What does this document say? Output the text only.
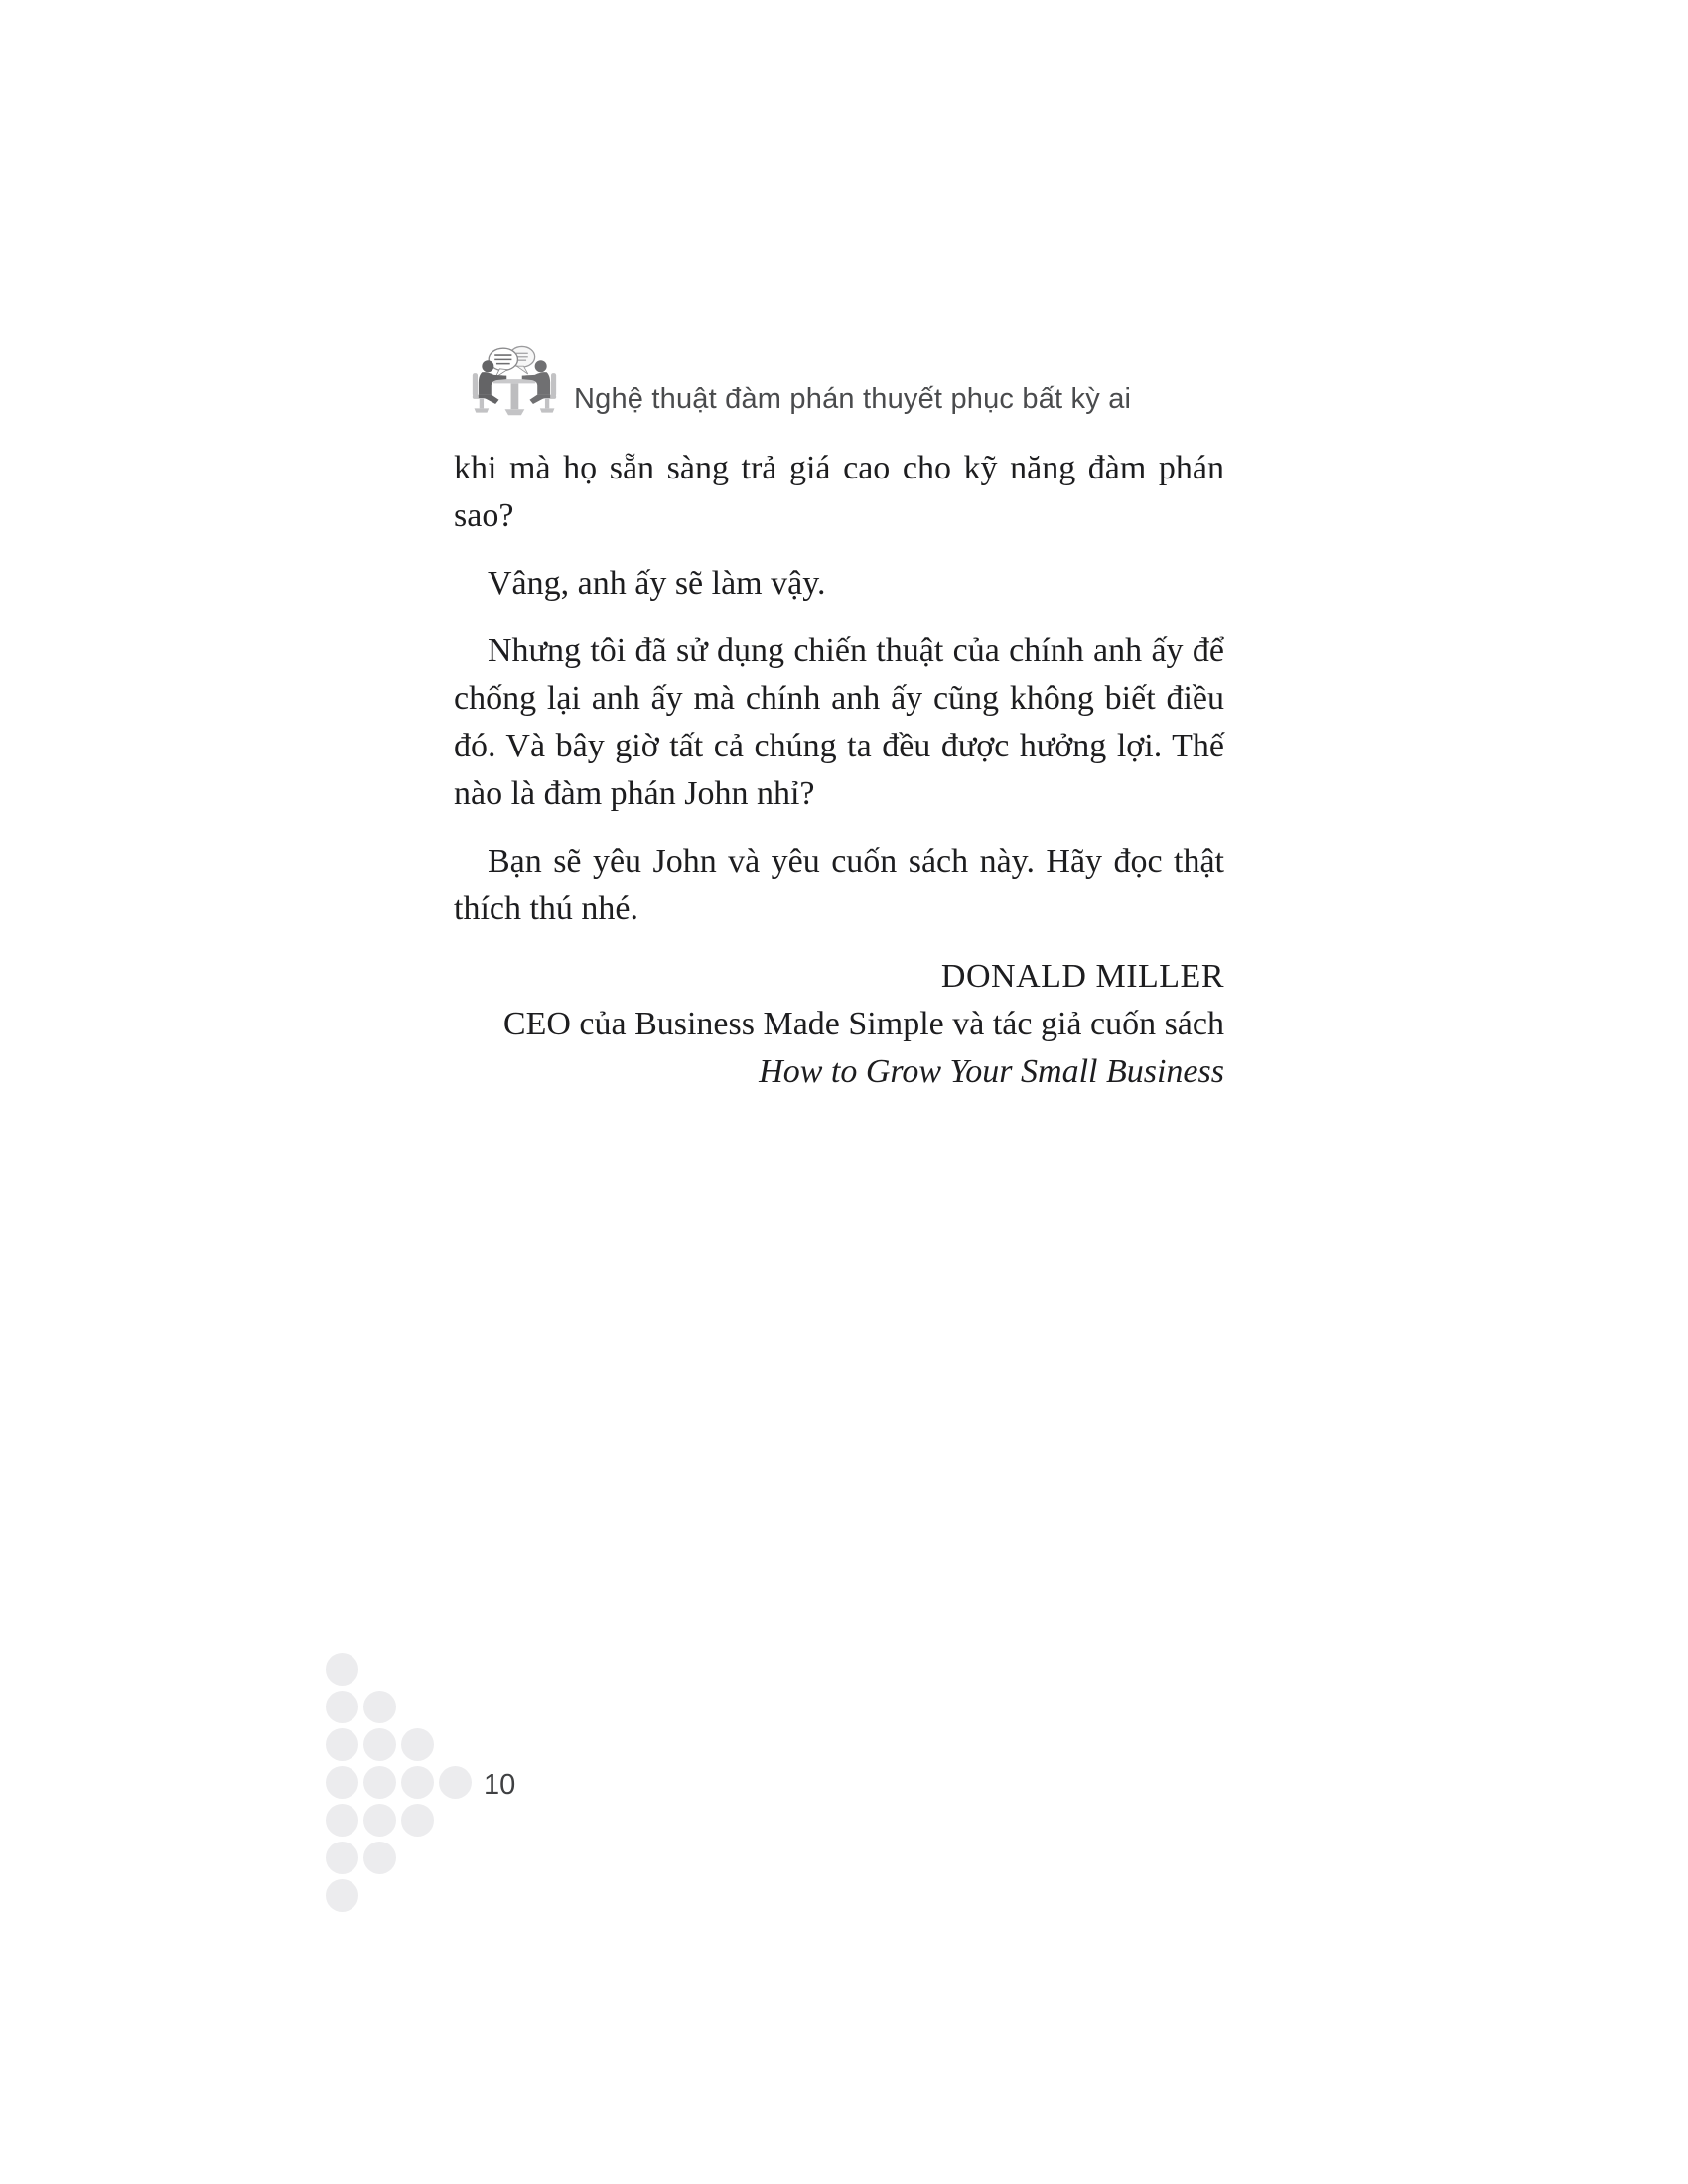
Nghệ thuật đàm phán thuyết phục bất kỳ ai

khi mà họ sẵn sàng trả giá cao cho kỹ năng đàm phán sao?

Vâng, anh ấy sẽ làm vậy.

Nhưng tôi đã sử dụng chiến thuật của chính anh ấy để chống lại anh ấy mà chính anh ấy cũng không biết điều đó. Và bây giờ tất cả chúng ta đều được hưởng lợi. Thế nào là đàm phán John nhỉ?

Bạn sẽ yêu John và yêu cuốn sách này. Hãy đọc thật thích thú nhé.

DONALD MILLER
CEO của Business Made Simple và tác giả cuốn sách
How to Grow Your Small Business
10
